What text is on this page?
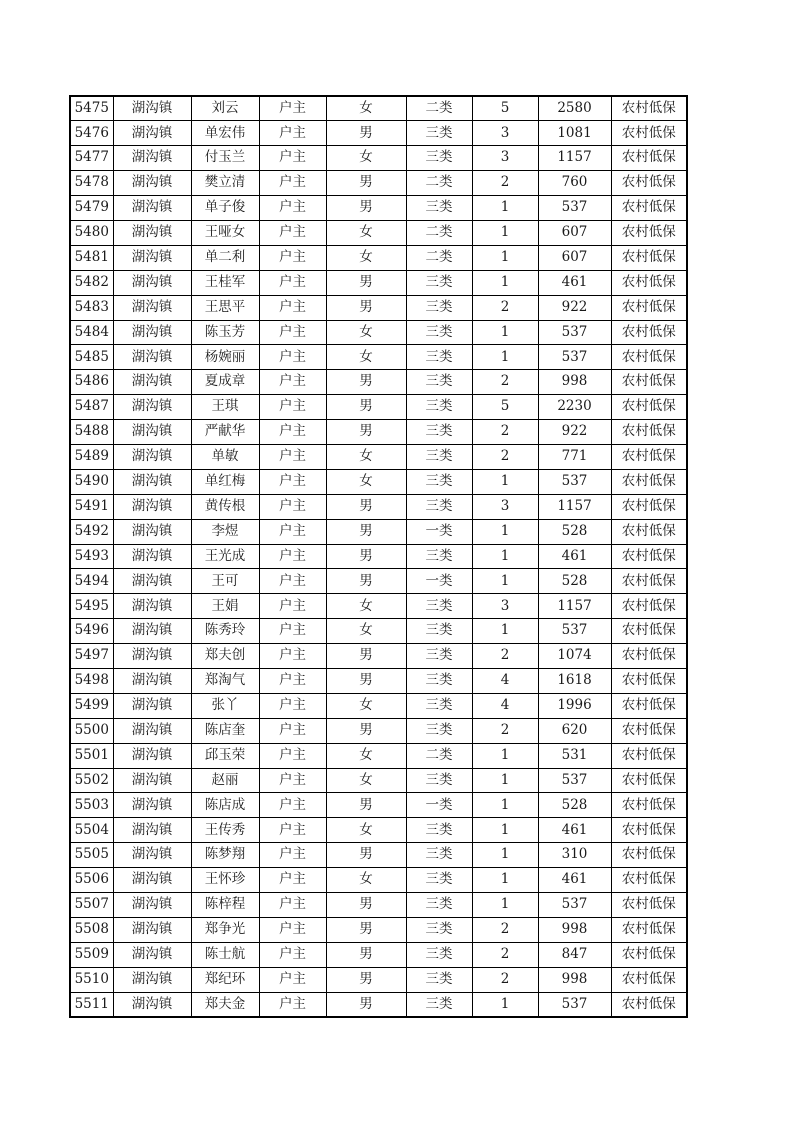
5475	湖沟镇	刘云	户主	女	二类	5	2580	农村低保
5476	湖沟镇	单宏伟	户主	男	三类	3	1081	农村低保
5477	湖沟镇	付玉兰	户主	女	三类	3	1157	农村低保
5478	湖沟镇	樊立清	户主	男	二类	2	760	农村低保
5479	湖沟镇	单子俊	户主	男	三类	1	537	农村低保
5480	湖沟镇	王哑女	户主	女	二类	1	607	农村低保
5481	湖沟镇	单二利	户主	女	二类	1	607	农村低保
5482	湖沟镇	王桂军	户主	男	三类	1	461	农村低保
5483	湖沟镇	王思平	户主	男	三类	2	922	农村低保
5484	湖沟镇	陈玉芳	户主	女	三类	1	537	农村低保
5485	湖沟镇	杨婉丽	户主	女	三类	1	537	农村低保
5486	湖沟镇	夏成章	户主	男	三类	2	998	农村低保
5487	湖沟镇	王琪	户主	男	三类	5	2230	农村低保
5488	湖沟镇	严献华	户主	男	三类	2	922	农村低保
5489	湖沟镇	单敏	户主	女	三类	2	771	农村低保
5490	湖沟镇	单红梅	户主	女	三类	1	537	农村低保
5491	湖沟镇	黄传根	户主	男	三类	3	1157	农村低保
5492	湖沟镇	李煜	户主	男	一类	1	528	农村低保
5493	湖沟镇	王光成	户主	男	三类	1	461	农村低保
5494	湖沟镇	王可	户主	男	一类	1	528	农村低保
5495	湖沟镇	王娟	户主	女	三类	3	1157	农村低保
5496	湖沟镇	陈秀玲	户主	女	三类	1	537	农村低保
5497	湖沟镇	郑夫创	户主	男	三类	2	1074	农村低保
5498	湖沟镇	郑淘气	户主	男	三类	4	1618	农村低保
5499	湖沟镇	张丫	户主	女	三类	4	1996	农村低保
5500	湖沟镇	陈店奎	户主	男	三类	2	620	农村低保
5501	湖沟镇	邱玉荣	户主	女	二类	1	531	农村低保
5502	湖沟镇	赵丽	户主	女	三类	1	537	农村低保
5503	湖沟镇	陈店成	户主	男	一类	1	528	农村低保
5504	湖沟镇	王传秀	户主	女	三类	1	461	农村低保
5505	湖沟镇	陈梦翔	户主	男	三类	1	310	农村低保
5506	湖沟镇	王怀珍	户主	女	三类	1	461	农村低保
5507	湖沟镇	陈梓程	户主	男	三类	1	537	农村低保
5508	湖沟镇	郑争光	户主	男	三类	2	998	农村低保
5509	湖沟镇	陈士航	户主	男	三类	2	847	农村低保
5510	湖沟镇	郑纪环	户主	男	三类	2	998	农村低保
5511	湖沟镇	郑夫金	户主	男	三类	1	537	农村低保
